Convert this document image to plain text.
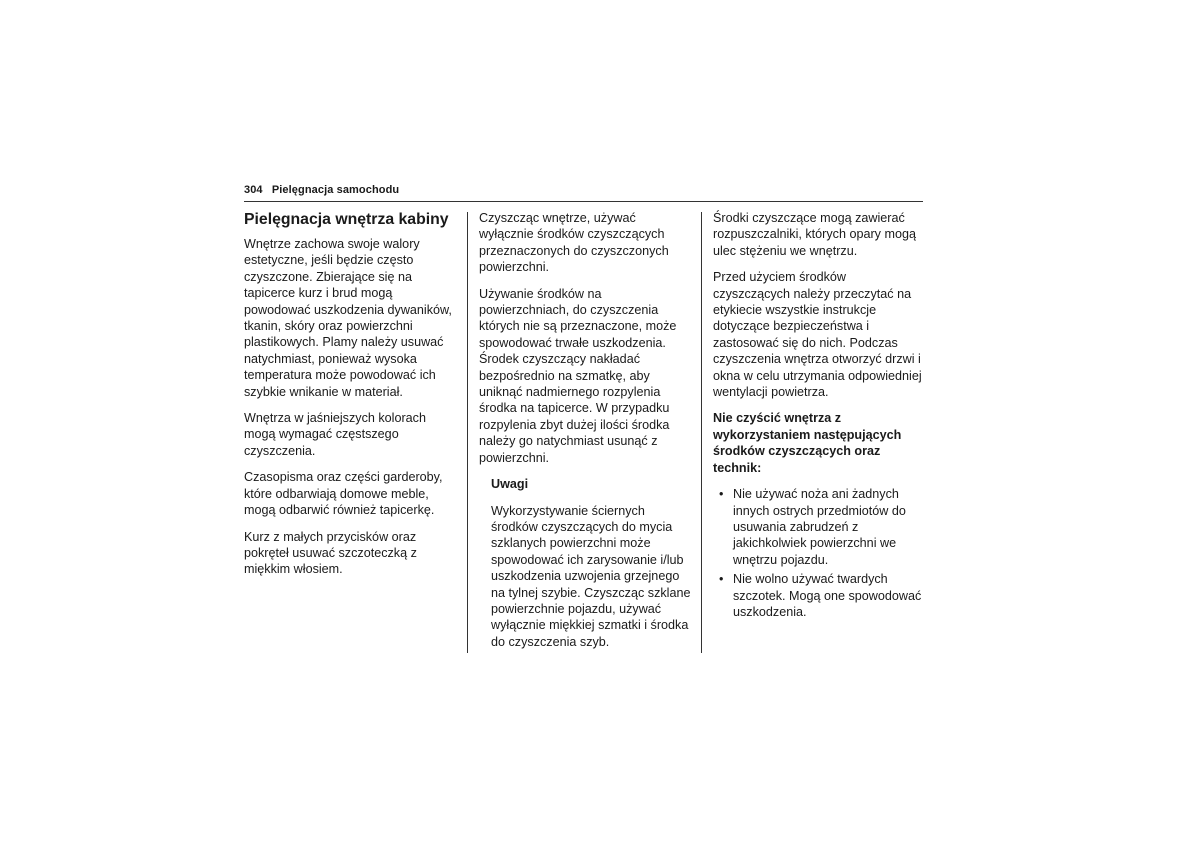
304 Pielęgnacja samochodu
Pielęgnacja wnętrza kabiny

Wnętrze zachowa swoje walory estetyczne, jeśli będzie często czyszczone. Zbierające się na tapicerce kurz i brud mogą powodować uszkodzenia dywaników, tkanin, skóry oraz powierzchni plastikowych. Plamy należy usuwać natychmiast, ponieważ wysoka temperatura może powodować ich szybkie wnikanie w materiał.

Wnętrza w jaśniejszych kolorach mogą wymagać częstszego czyszczenia.

Czasopisma oraz części garderoby, które odbarwiają domowe meble, mogą odbarwić również tapicerkę.

Kurz z małych przycisków oraz pokręteł usuwać szczoteczką z miękkim włosiem.

Czyszcząc wnętrze, używać wyłącznie środków czyszczących przeznaczonych do czyszczonych powierzchni.

Używanie środków na powierzchniach, do czyszczenia których nie są przeznaczone, może spowodować trwałe uszkodzenia. Środek czyszczący nakładać bezpośrednio na szmatkę, aby uniknąć nadmiernego rozpylenia środka na tapicerce. W przypadku rozpylenia zbyt dużej ilości środka należy go natychmiast usunąć z powierzchni.

Uwagi

Wykorzystywanie ściernych środków czyszczących do mycia szklanych powierzchni może spowodować ich zarysowanie i/lub uszkodzenia uzwojenia grzejnego na tylnej szybie. Czyszcząc szklane powierzchnie pojazdu, używać wyłącznie miękkiej szmatki i środka do czyszczenia szyb.

Środki czyszczące mogą zawierać rozpuszczalniki, których opary mogą ulec stężeniu we wnętrzu.

Przed użyciem środków czyszczących należy przeczytać na etykiecie wszystkie instrukcje dotyczące bezpieczeństwa i zastosować się do nich. Podczas czyszczenia wnętrza otworzyć drzwi i okna w celu utrzymania odpowiedniej wentylacji powietrza.

Nie czyścić wnętrza z wykorzystaniem następujących środków czyszczących oraz technik:

• Nie używać noża ani żadnych innych ostrych przedmiotów do usuwania zabrudzeń z jakichkolwiek powierzchni we wnętrzu pojazdu.
• Nie wolno używać twardych szczotek. Mogą one spowodować uszkodzenia.
